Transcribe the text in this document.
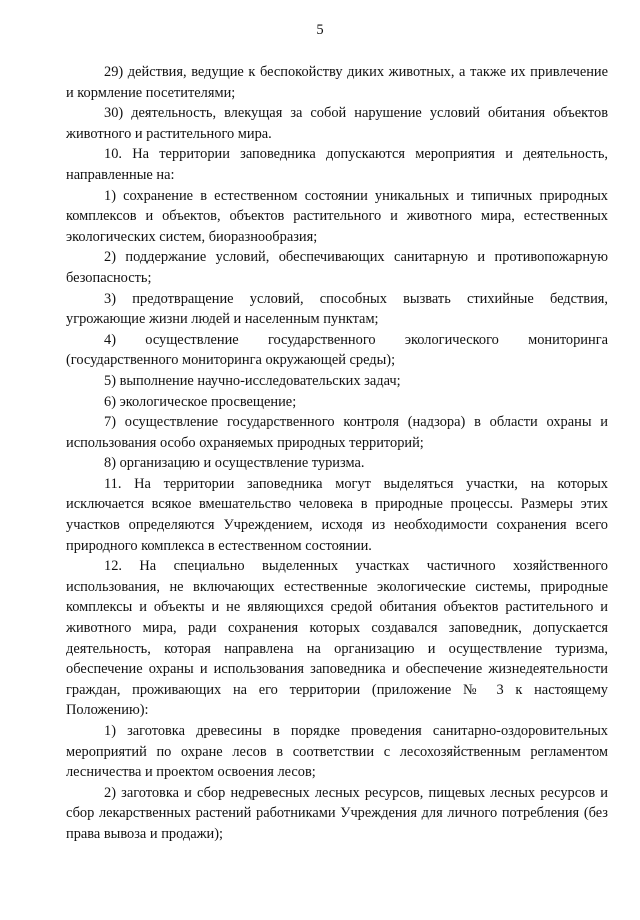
5

29) действия, ведущие к беспокойству диких животных, а также их привлечение и кормление посетителями;

30) деятельность, влекущая за собой нарушение условий обитания объектов животного и растительного мира.

10. На территории заповедника допускаются мероприятия и деятельность, направленные на:

1) сохранение в естественном состоянии уникальных и типичных природных комплексов и объектов, объектов растительного и животного мира, естественных экологических систем, биоразнообразия;

2) поддержание условий, обеспечивающих санитарную и противопожарную безопасность;

3) предотвращение условий, способных вызвать стихийные бедствия, угрожающие жизни людей и населенным пунктам;

4) осуществление государственного экологического мониторинга (государственного мониторинга окружающей среды);

5) выполнение научно-исследовательских задач;

6) экологическое просвещение;

7) осуществление государственного контроля (надзора) в области охраны и использования особо охраняемых природных территорий;

8) организацию и осуществление туризма.

11. На территории заповедника могут выделяться участки, на которых исключается всякое вмешательство человека в природные процессы. Размеры этих участков определяются Учреждением, исходя из необходимости сохранения всего природного комплекса в естественном состоянии.

12. На специально выделенных участках частичного хозяйственного использования, не включающих естественные экологические системы, природные комплексы и объекты и не являющихся средой обитания объектов растительного и животного мира, ради сохранения которых создавался заповедник, допускается деятельность, которая направлена на организацию и осуществление туризма, обеспечение охраны и использования заповедника и обеспечение жизнедеятельности граждан, проживающих на его территории (приложение № 3 к настоящему Положению):

1) заготовка древесины в порядке проведения санитарно-оздоровительных мероприятий по охране лесов в соответствии с лесохозяйственным регламентом лесничества и проектом освоения лесов;

2) заготовка и сбор недревесных лесных ресурсов, пищевых лесных ресурсов и сбор лекарственных растений работниками Учреждения для личного потребления (без права вывоза и продажи);
